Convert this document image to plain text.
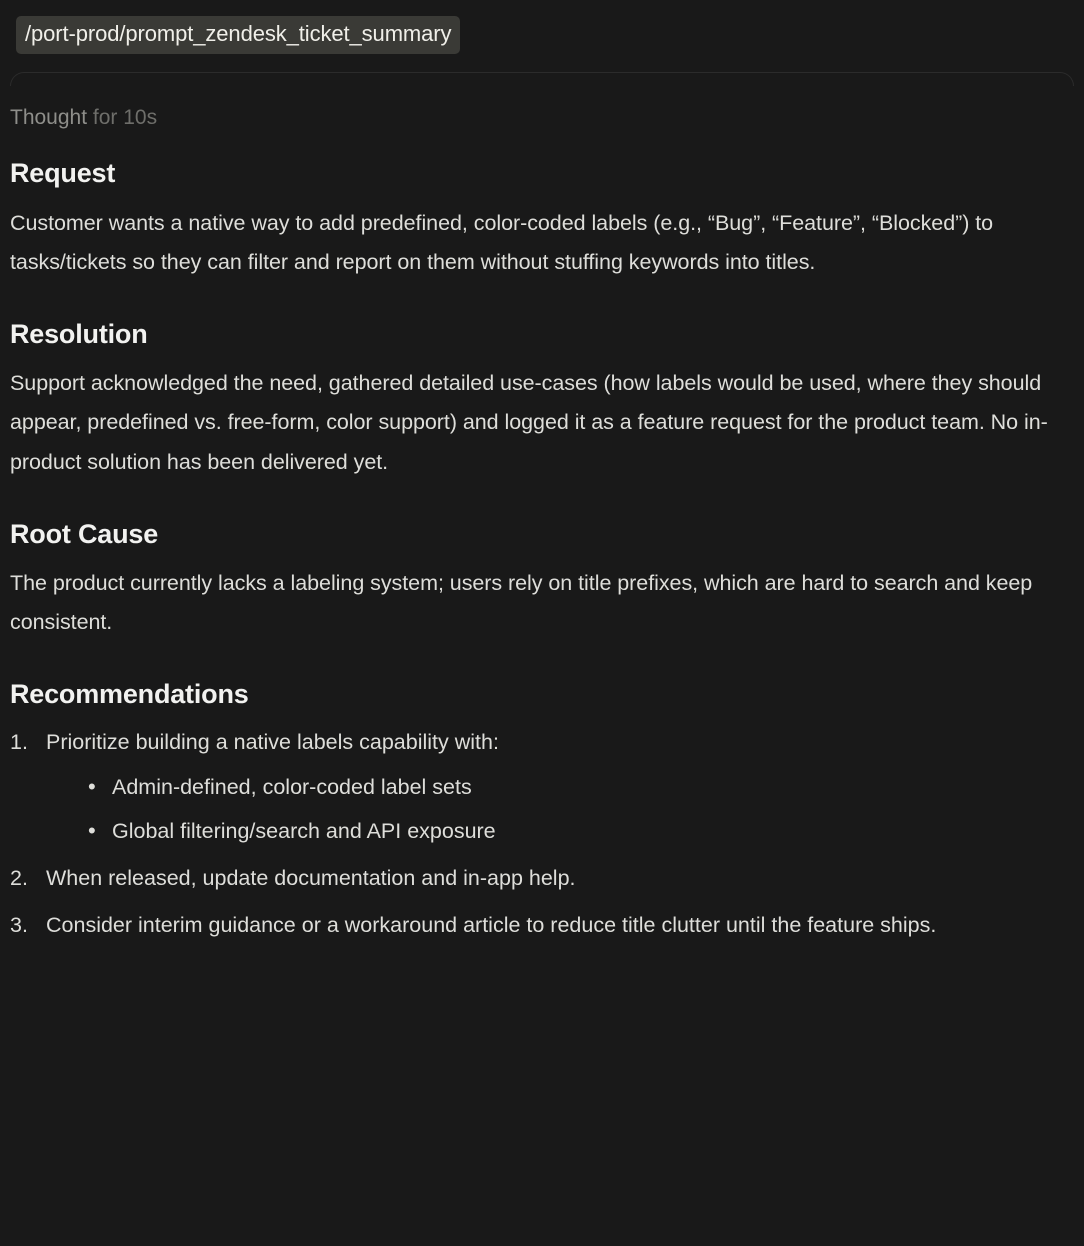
/port-prod/prompt_zendesk_ticket_summary
Thought for 10s
Request

Customer wants a native way to add predefined, color-coded labels (e.g., “Bug”, “Feature”, “Blocked”) to tasks/tickets so they can filter and report on them without stuffing keywords into titles.

Resolution

Support acknowledged the need, gathered detailed use-cases (how labels would be used, where they should appear, predefined vs. free-form, color support) and logged it as a feature request for the product team. No in-product solution has been delivered yet.

Root Cause

The product currently lacks a labeling system; users rely on title prefixes, which are hard to search and keep consistent.

Recommendations
Prioritize building a native labels capability with:
• Admin-defined, color-coded label sets
• Global filtering/search and API exposure
When released, update documentation and in-app help.
Consider interim guidance or a workaround article to reduce title clutter until the feature ships.
